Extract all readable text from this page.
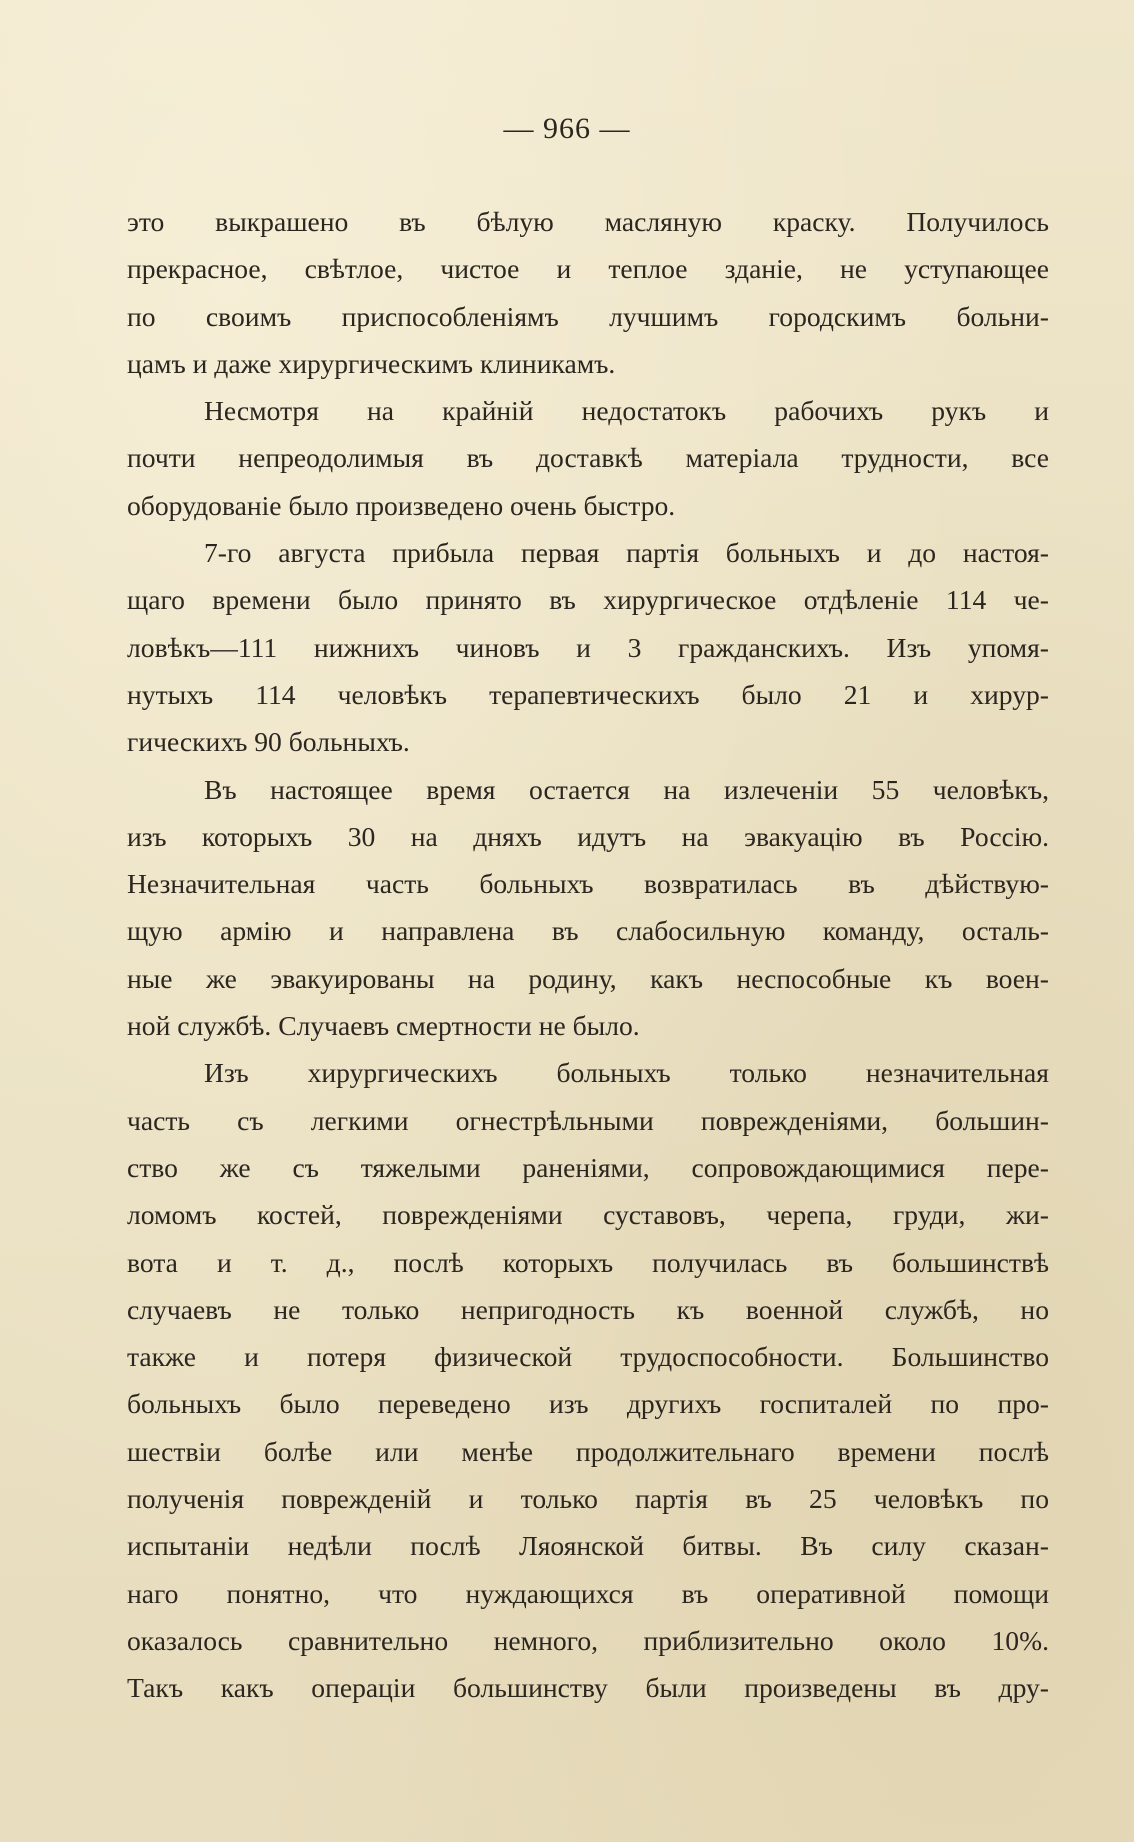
— 966 —
это выкрашено въ бѣлую масляную краску. Получилось
прекрасное, свѣтлое, чистое и теплое зданіе, не уступающее
по своимъ приспособленіямъ лучшимъ городскимъ больни-
цамъ и даже хирургическимъ клиникамъ.
Несмотря на крайній недостатокъ рабочихъ рукъ и
почти непреодолимыя въ доставкѣ матеріала трудности, все
оборудованіе было произведено очень быстро.
7-го августа прибыла первая партія больныхъ и до настоя-
щаго времени было принято въ хирургическое отдѣленіе 114 че-
ловѣкъ—111 нижнихъ чиновъ и 3 гражданскихъ. Изъ упомя-
нутыхъ 114 человѣкъ терапевтическихъ было 21 и хирур-
гическихъ 90 больныхъ.
Въ настоящее время остается на излеченіи 55 человѣкъ,
изъ которыхъ 30 на дняхъ идутъ на эвакуацію въ Россію.
Незначительная часть больныхъ возвратилась въ дѣйствую-
щую армію и направлена въ слабосильную команду, осталь-
ные же эвакуированы на родину, какъ неспособные къ воен-
ной службѣ. Случаевъ смертности не было.
Изъ хирургическихъ больныхъ только незначительная
часть съ легкими огнестрѣльными поврежденіями, большин-
ство же съ тяжелыми раненіями, сопровождающимися пере-
ломомъ костей, поврежденіями суставовъ, черепа, груди, жи-
вота и т. д., послѣ которыхъ получилась въ большинствѣ
случаевъ не только непригодность къ военной службѣ, но
также и потеря физической трудоспособности. Большинство
больныхъ было переведено изъ другихъ госпиталей по про-
шествіи болѣе или менѣе продолжительнаго времени послѣ
полученія поврежденій и только партія въ 25 человѣкъ по
испытаніи недѣли послѣ Ляоянской битвы. Въ силу сказан-
наго понятно, что нуждающихся въ оперативной помощи
оказалось сравнительно немного, приблизительно около 10%.
Такъ какъ операціи большинству были произведены въ дру-
